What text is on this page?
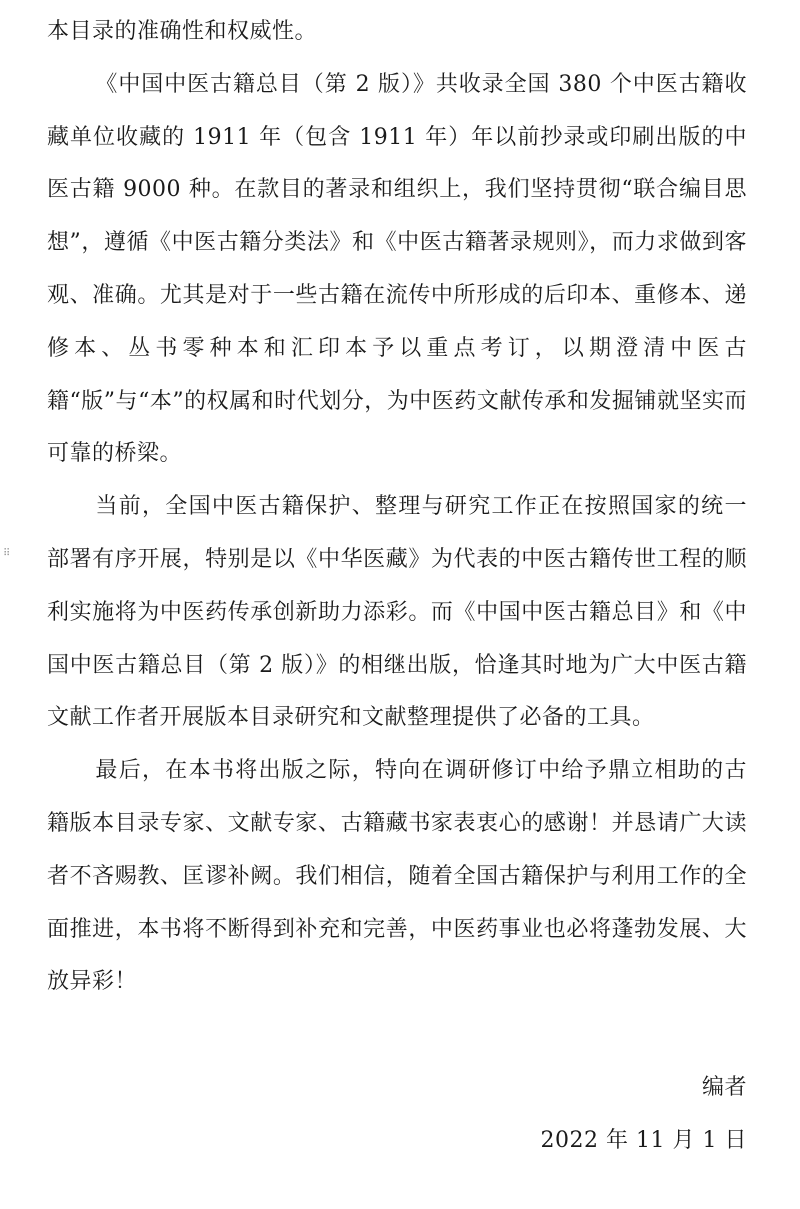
⠿

本目录的准确性和权威性。

《中国中医古籍总目（第 2 版）》共收录全国 380 个中医古籍收藏单位收藏的 1911 年（包含 1911 年）年以前抄录或印刷出版的中医古籍 9000 种。在款目的著录和组织上，我们坚持贯彻“联合编目思想”，遵循《中医古籍分类法》和《中医古籍著录规则》，而力求做到客观、准确。尤其是对于一些古籍在流传中所形成的后印本、重修本、递修本、丛书零种本和汇印本予以重点考订，以期澄清中医古籍“版”与“本”的权属和时代划分，为中医药文献传承和发掘铺就坚实而可靠的桥梁。

当前，全国中医古籍保护、整理与研究工作正在按照国家的统一部署有序开展，特别是以《中华医藏》为代表的中医古籍传世工程的顺利实施将为中医药传承创新助力添彩。而《中国中医古籍总目》和《中国中医古籍总目（第 2 版）》的相继出版，恰逢其时地为广大中医古籍文献工作者开展版本目录研究和文献整理提供了必备的工具。

最后，在本书将出版之际，特向在调研修订中给予鼎立相助的古籍版本目录专家、文献专家、古籍藏书家表衷心的感谢！并恳请广大读者不吝赐教、匡谬补阙。我们相信，随着全国古籍保护与利用工作的全面推进，本书将不断得到补充和完善，中医药事业也必将蓬勃发展、大放异彩！

编者

2022 年 11 月 1 日
